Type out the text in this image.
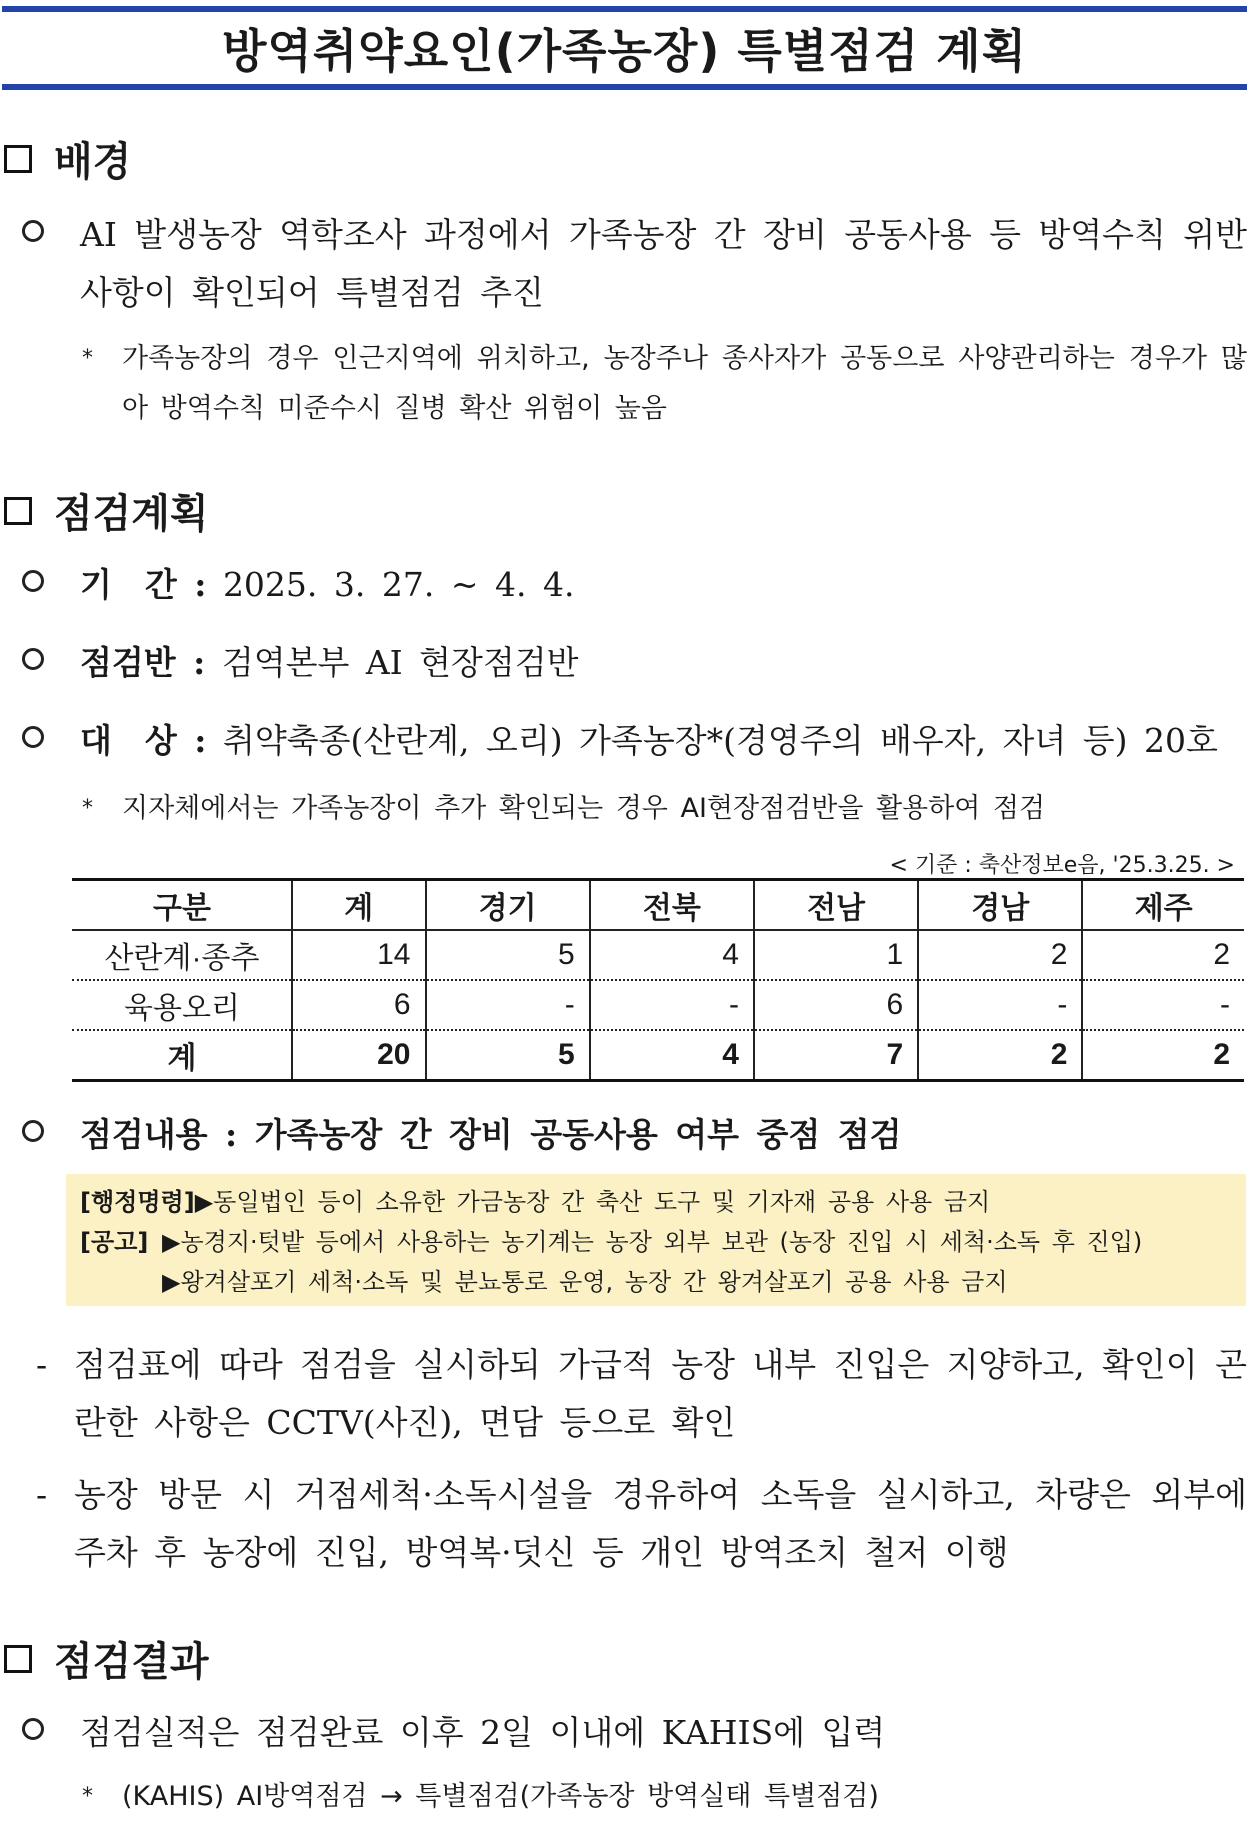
방역취약요인(가족농장) 특별점검 계획
배경
AI 발생농장 역학조사 과정에서 가족농장 간 장비 공동사용 등 방역수칙 위반사항이 확인되어 특별점검 추진
* 가족농장의 경우 인근지역에 위치하고, 농장주나 종사자가 공동으로 사양관리하는 경우가 많아 방역수칙 미준수시 질병 확산 위험이 높음
점검계획
기　간 : 2025. 3. 27. ~ 4. 4.
점검반 : 검역본부 AI 현장점검반
대　상 : 취약축종(산란계, 오리) 가족농장*(경영주의 배우자, 자녀 등) 20호
* 지자체에서는 가족농장이 추가 확인되는 경우 AI현장점검반을 활용하여 점검
< 기준 : 축산정보e음, '25.3.25. >
구분	계	경기	전북	전남	경남	제주
산란계·종추	14	5	4	1	2	2
육용오리	6	-	-	6	-	-
계	20	5	4	7	2	2
점검내용 : 가족농장 간 장비 공동사용 여부 중점 점검
[행정명령] ▶동일법인 등이 소유한 가금농장 간 축산 도구 및 기자재 공용 사용 금지
[공고] ▶농경지·텃밭 등에서 사용하는 농기계는 농장 외부 보관 (농장 진입 시 세척·소독 후 진입)
▶왕겨살포기 세척·소독 및 분뇨통로 운영, 농장 간 왕겨살포기 공용 사용 금지
- 점검표에 따라 점검을 실시하되 가급적 농장 내부 진입은 지양하고, 확인이 곤란한 사항은 CCTV(사진), 면담 등으로 확인
- 농장 방문 시 거점세척·소독시설을 경유하여 소독을 실시하고, 차량은 외부에 주차 후 농장에 진입, 방역복·덧신 등 개인 방역조치 철저 이행
점검결과
점검실적은 점검완료 이후 2일 이내에 KAHIS에 입력
* (KAHIS) AI방역점검 → 특별점검(가족농장 방역실태 특별점검)
